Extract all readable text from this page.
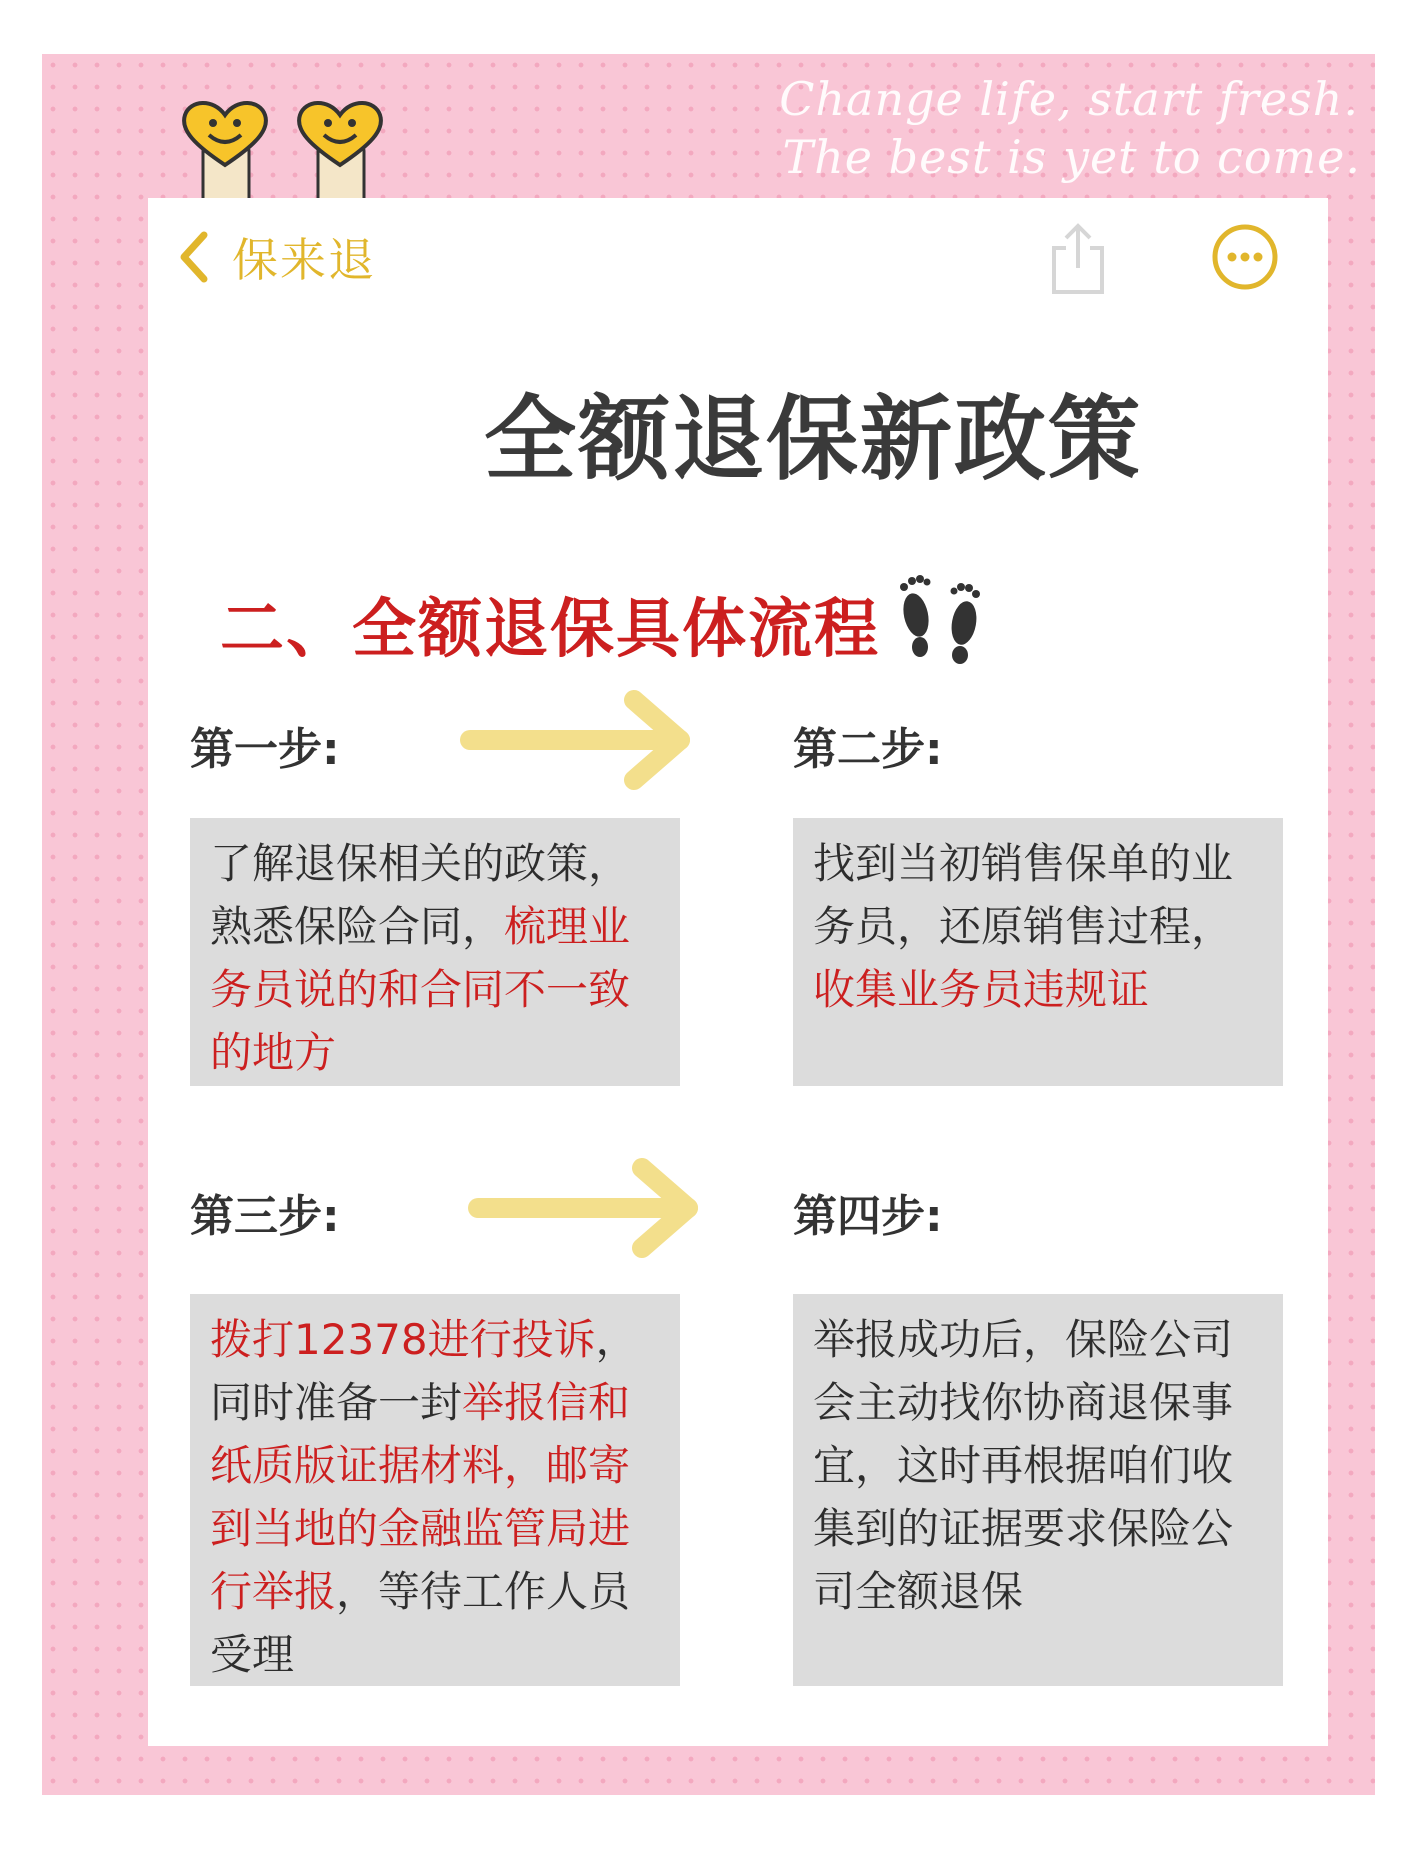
Change life, start fresh.
The best is yet to come.
保来退
全额退保新政策
二、全额退保具体流程
第一步:
了解退保相关的政策，熟悉保险合同，梳理业务员说的和合同不一致的地方
第二步:
找到当初销售保单的业务员，还原销售过程，收集业务员违规证
第三步:
拨打12378进行投诉，同时准备一封举报信和纸质版证据材料，邮寄到当地的金融监管局进行举报，等待工作人员受理
第四步:
举报成功后，保险公司会主动找你协商退保事宜，这时再根据咱们收集到的证据要求保险公司全额退保
